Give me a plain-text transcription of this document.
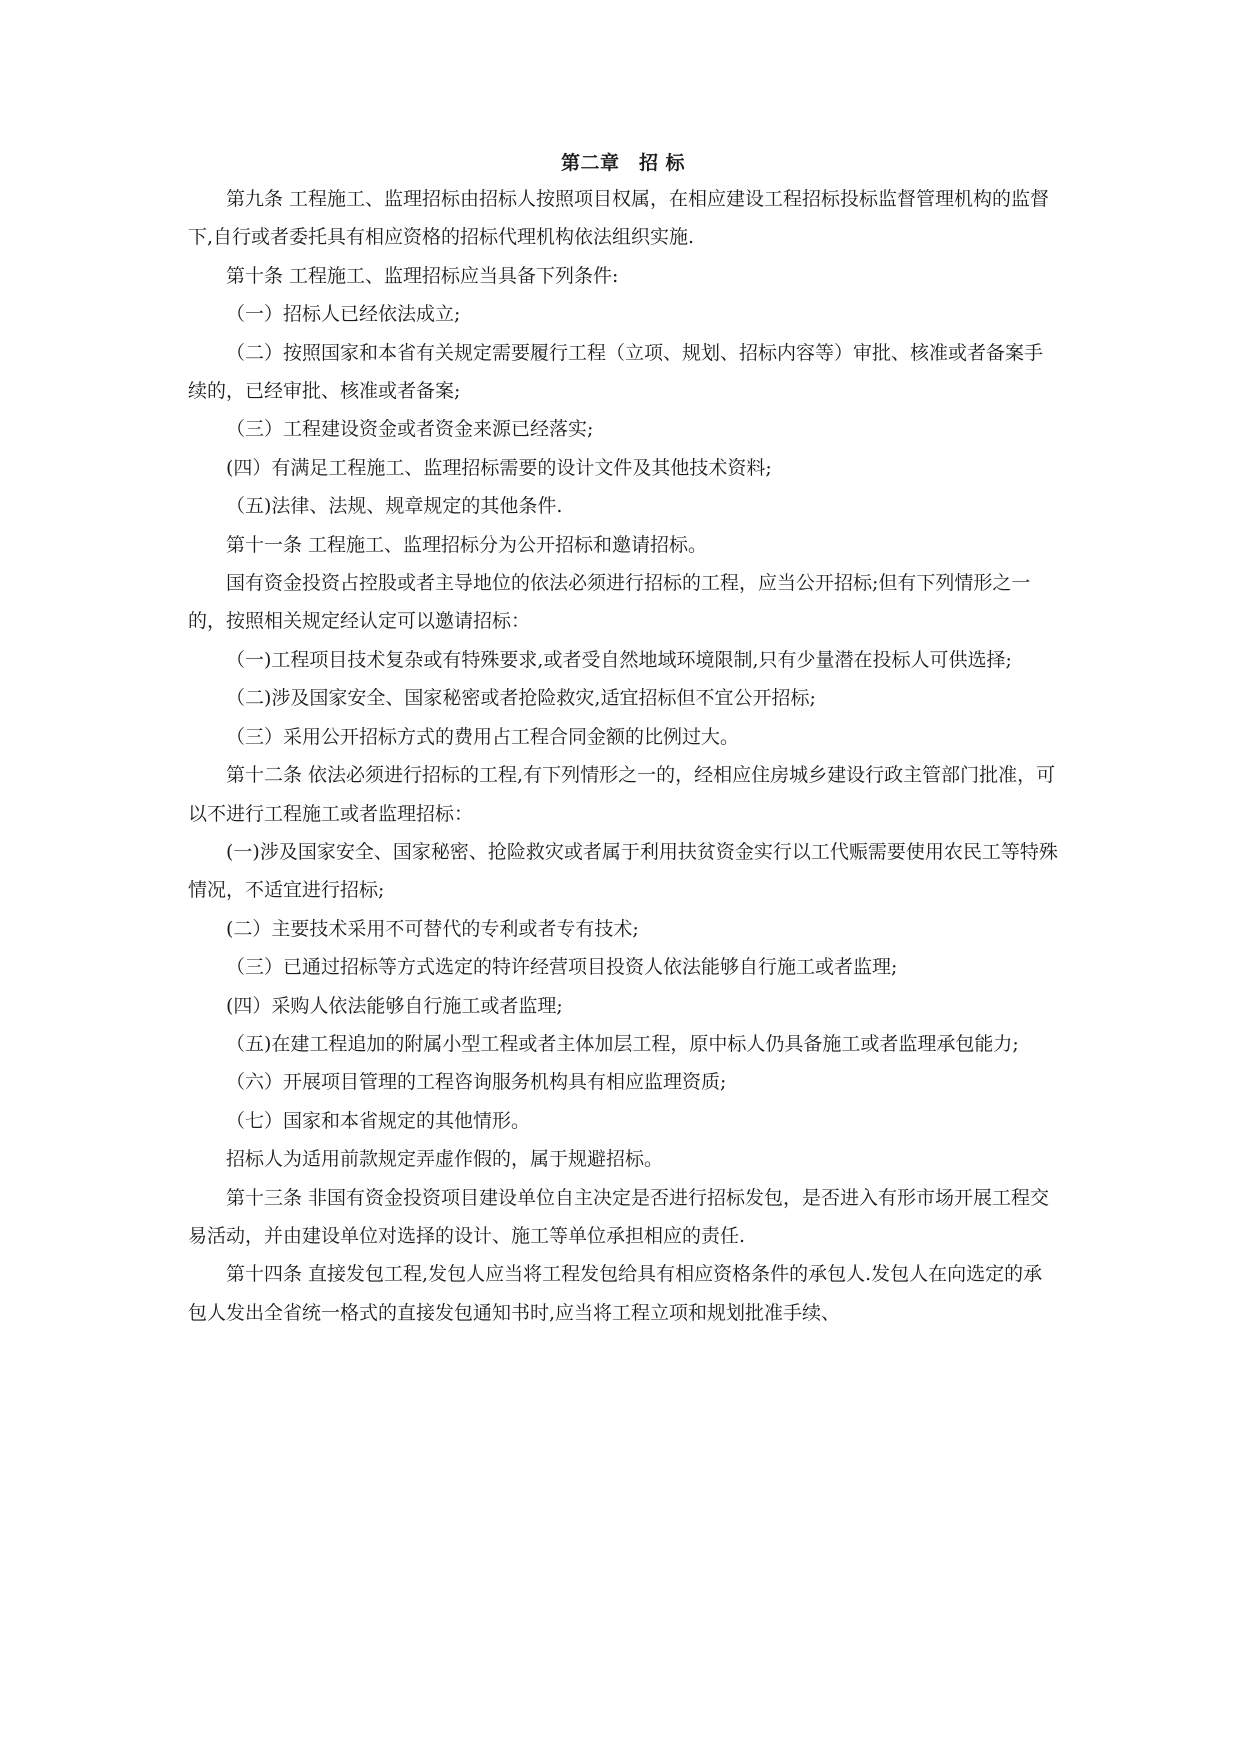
第二章　招 标

第九条 工程施工、监理招标由招标人按照项目权属，在相应建设工程招标投标监督管理机构的监督下,自行或者委托具有相应资格的招标代理机构依法组织实施.

第十条 工程施工、监理招标应当具备下列条件:

（一）招标人已经依法成立;

（二）按照国家和本省有关规定需要履行工程（立项、规划、招标内容等）审批、核准或者备案手续的，已经审批、核准或者备案;

（三）工程建设资金或者资金来源已经落实;

(四）有满足工程施工、监理招标需要的设计文件及其他技术资料;

（五)法律、法规、规章规定的其他条件.

第十一条 工程施工、监理招标分为公开招标和邀请招标。

国有资金投资占控股或者主导地位的依法必须进行招标的工程，应当公开招标;但有下列情形之一的，按照相关规定经认定可以邀请招标：

（一)工程项目技术复杂或有特殊要求,或者受自然地域环境限制,只有少量潜在投标人可供选择;

（二)涉及国家安全、国家秘密或者抢险救灾,适宜招标但不宜公开招标;

（三）采用公开招标方式的费用占工程合同金额的比例过大。

第十二条 依法必须进行招标的工程,有下列情形之一的，经相应住房城乡建设行政主管部门批准，可以不进行工程施工或者监理招标：

(一)涉及国家安全、国家秘密、抢险救灾或者属于利用扶贫资金实行以工代赈需要使用农民工等特殊情况，不适宜进行招标;

(二）主要技术采用不可替代的专利或者专有技术;

（三）已通过招标等方式选定的特许经营项目投资人依法能够自行施工或者监理;

(四）采购人依法能够自行施工或者监理;

（五)在建工程追加的附属小型工程或者主体加层工程，原中标人仍具备施工或者监理承包能力;

（六）开展项目管理的工程咨询服务机构具有相应监理资质;

（七）国家和本省规定的其他情形。

招标人为适用前款规定弄虚作假的，属于规避招标。

第十三条 非国有资金投资项目建设单位自主决定是否进行招标发包，是否进入有形市场开展工程交易活动，并由建设单位对选择的设计、施工等单位承担相应的责任.

第十四条 直接发包工程,发包人应当将工程发包给具有相应资格条件的承包人.发包人在向选定的承包人发出全省统一格式的直接发包通知书时,应当将工程立项和规划批准手续、
